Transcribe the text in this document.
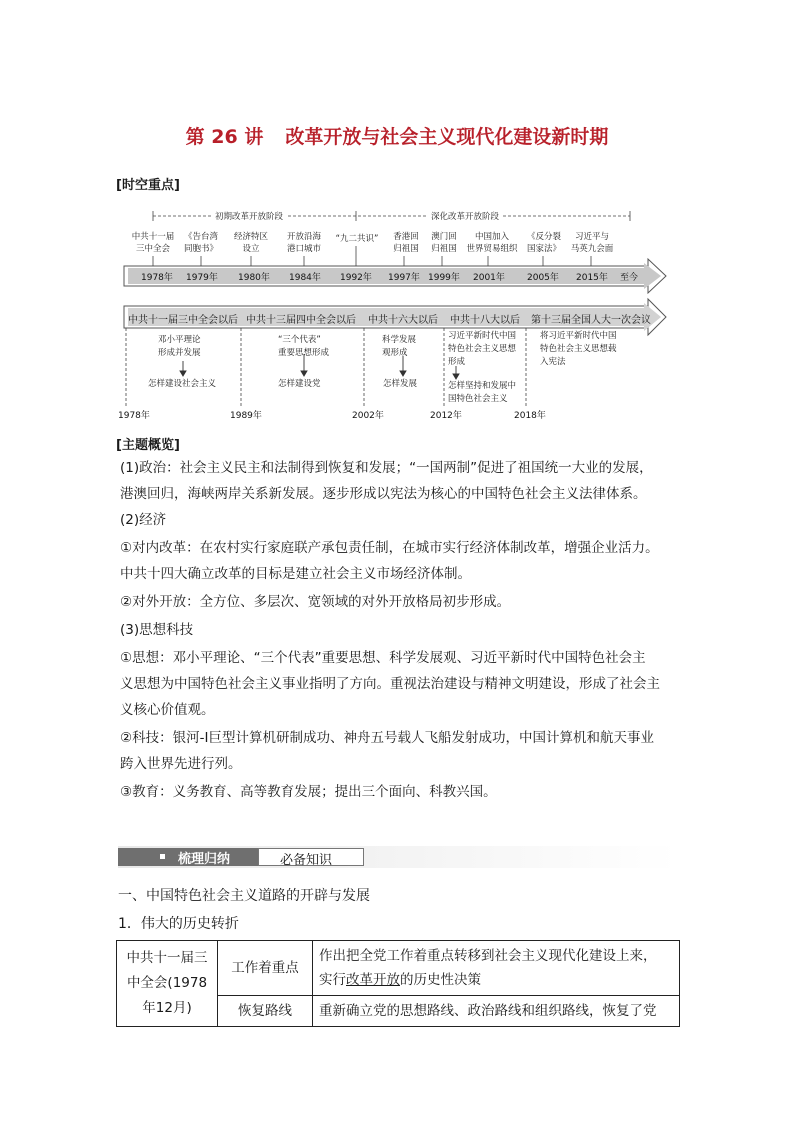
第 26 讲 改革开放与社会主义现代化建设新时期
[时空重点]
初期改革开放阶段	深化改革开放阶段
中共十一届
三中全会
《告台湾
同胞书》
经济特区
设立
开放沿海
港口城市
“九二共识”	香港回
归祖国
澳门回
归祖国
中国加入
世界贸易组织
《反分裂
国家法》
习近平与
马英九会面
1978年 1979年 1980年 1984年 1992年 1997年 1999年 2001年 2005年 2015年 至今
中共十一届三中全会以后 中共十三届四中全会以后 中共十六大以后 中共十八大以后 第十三届全国人大一次会议
邓小平理论
形成并发展
怎样建设社会主义
“三个代表”
重要思想形成
怎样建设党
科学发展
观形成
怎样发展
习近平新时代中国
特色社会主义思想
形成
怎样坚持和发展中
国特色社会主义
将习近平新时代中国
特色社会主义思想载
入宪法
1978年	1989年	2002年	2012年	2018年
[主题概览]
(1)政治：社会主义民主和法制得到恢复和发展；“一国两制”促进了祖国统一大业的发展，
港澳回归，海峡两岸关系新发展。逐步形成以宪法为核心的中国特色社会主义法律体系。
(2)经济
①对内改革：在农村实行家庭联产承包责任制，在城市实行经济体制改革，增强企业活力。
中共十四大确立改革的目标是建立社会主义市场经济体制。
②对外开放：全方位、多层次、宽领域的对外开放格局初步形成。
(3)思想科技
①思想：邓小平理论、“三个代表”重要思想、科学发展观、习近平新时代中国特色社会主
义思想为中国特色社会主义事业指明了方向。重视法治建设与精神文明建设，形成了社会主
义核心价值观。
②科技：银河-Ⅰ巨型计算机研制成功、神舟五号载人飞船发射成功，中国计算机和航天事业
跨入世界先进行列。
③教育：义务教育、高等教育发展；提出三个面向、科教兴国。
梳理归纳	必备知识
一、中国特色社会主义道路的开辟与发展
1．伟大的历史转折
中共十一届三中全会(1978年12月)	工作着重点	作出把全党工作着重点转移到社会主义现代化建设上来，
实行改革开放的历史性决策

	恢复路线	重新确立党的思想路线、政治路线和组织路线，恢复了党
